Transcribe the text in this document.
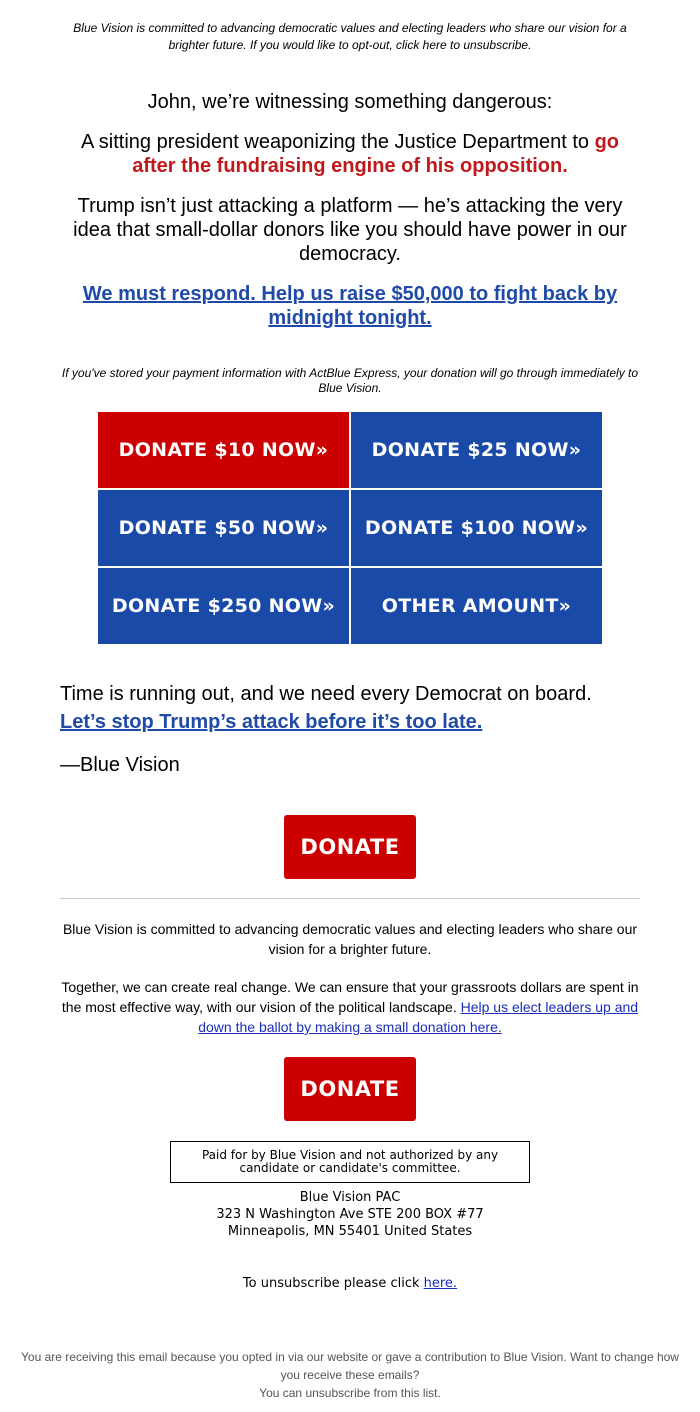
Blue Vision is committed to advancing democratic values and electing leaders who share our vision for a brighter future. If you would like to opt-out, click here to unsubscribe.
John, we’re witnessing something dangerous:
A sitting president weaponizing the Justice Department to go after the fundraising engine of his opposition.
Trump isn’t just attacking a platform — he’s attacking the very idea that small-dollar donors like you should have power in our democracy.
We must respond. Help us raise $50,000 to fight back by midnight tonight.
If you've stored your payment information with ActBlue Express, your donation will go through immediately to Blue Vision.
DONATE $10 NOW»	DONATE $25 NOW»
DONATE $50 NOW»	DONATE $100 NOW»
DONATE $250 NOW»	OTHER AMOUNT»
Time is running out, and we need every Democrat on board.
Let’s stop Trump’s attack before it’s too late.
—Blue Vision
DONATE
Blue Vision is committed to advancing democratic values and electing leaders who share our vision for a brighter future.
Together, we can create real change. We can ensure that your grassroots dollars are spent in the most effective way, with our vision of the political landscape. Help us elect leaders up and down the ballot by making a small donation here.
DONATE
Paid for by Blue Vision and not authorized by any candidate or candidate's committee.
Blue Vision PAC
323 N Washington Ave STE 200 BOX #77
Minneapolis, MN 55401 United States
To unsubscribe please click here.
You are receiving this email because you opted in via our website or gave a contribution to Blue Vision. Want to change how you receive these emails?
You can unsubscribe from this list.
